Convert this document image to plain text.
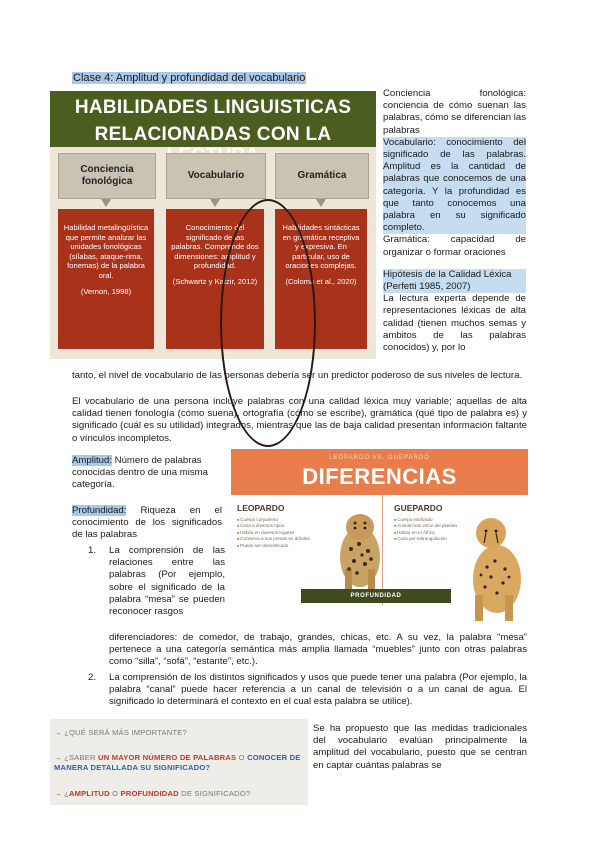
Clase 4: Amplitud y profundidad del vocabulario
HABILIDADES LINGUISTICAS
RELACIONADAS CON LA
Conciencia fonológica
Vocabulario	Gramática
Habilidad metalingüística que permite analizar las unidades fonológicas (sílabas, ataque-rima, fonemas) de la palabra oral.
(Vernon, 1998)
Conocimiento del significado de las palabras. Comprende dos dimensiones: amplitud y profundidad.
(Schwartz y Katzir, 2012)
Habilidades sintácticas en gramática receptiva y expresiva. En particular, uso de oraciones complejas.
(Coloma et al., 2020)
Conciencia fonológica: conciencia de cómo suenan las palabras, cómo se diferencian las palabras
Vocabulario: conocimiento del significado de las palabras. Amplitud es la cantidad de palabras que conocemos de una categoría. Y la profundidad es que tanto conocemos una palabra en su significado completo.
Gramática: capacidad de organizar o formar oraciones
Hipótesis de la Calidad Léxica (Perfetti 1985, 2007)
La lectura experta depende de representaciones léxicas de alta calidad (tienen muchos semas y ambitos de las palabras conocidos) y, por lo
tanto, el nivel de vocabulario de las personas debería ser un predictor poderoso de sus niveles de lectura.
El vocabulario de una persona incluye palabras con una calidad léxica muy variable; aquellas de alta calidad tienen fonología (cómo suena), ortografía (cómo se escribe), gramática (qué tipo de palabra es) y significado (cuál es su utilidad) integrados, mientras que las de baja calidad presentan información faltante o vínculos incompletos.
Amplitud: Número de palabras conocidas dentro de una misma categoría.
Profundidad: Riqueza en el conocimiento de los significados de las palabras
1. La comprensión de las relaciones entre las palabras (Por ejemplo, sobre el significado de la palabra “mesa” se pueden reconocer rasgos
diferenciadores: de comedor, de trabajo, grandes, chicas, etc. A su vez, la palabra “mesa” pertenece a una categoría semántica más amplia llamada “muebles” junto con otras palabras como “silla”, “sofá”, “estante”, etc.).
2. La comprensión de los distintos significados y usos que puede tener una palabra (Por ejemplo, la palabra “canal” puede hacer referencia a un canal de televisión o a un canal de agua. El significado lo determinará el contexto en el cual esta palabra se utilice).
LEOPARDO VS. GUEPARDO
DIFERENCIAS
LEOPARDO
■ Cuerpo corpulento
■ Caza a diversos tipos
■ Habita en diversos lugares
■ Conserva a sus presas en árboles
■ Puede ser domesticado
GUEPARDO
■ Cuerpo estilizado
■ Animal más veloz del planeta
■ Habita en el África
■ Caza por estrangulación
PROFUNDIDAD
→ ¿QUÉ SERÁ MÁS IMPORTANTE?
→ ¿SABER UN MAYOR NÚMERO DE PALABRAS O CONOCER DE MANERA DETALLADA SU SIGNIFICADO?
→ ¿AMPLITUD O PROFUNDIDAD DE SIGNIFICADO?
Se ha propuesto que las medidas tradicionales del vocabulario evalúan principalmente la amplitud del vocabulario, puesto que se centran en captar cuántas palabras se
